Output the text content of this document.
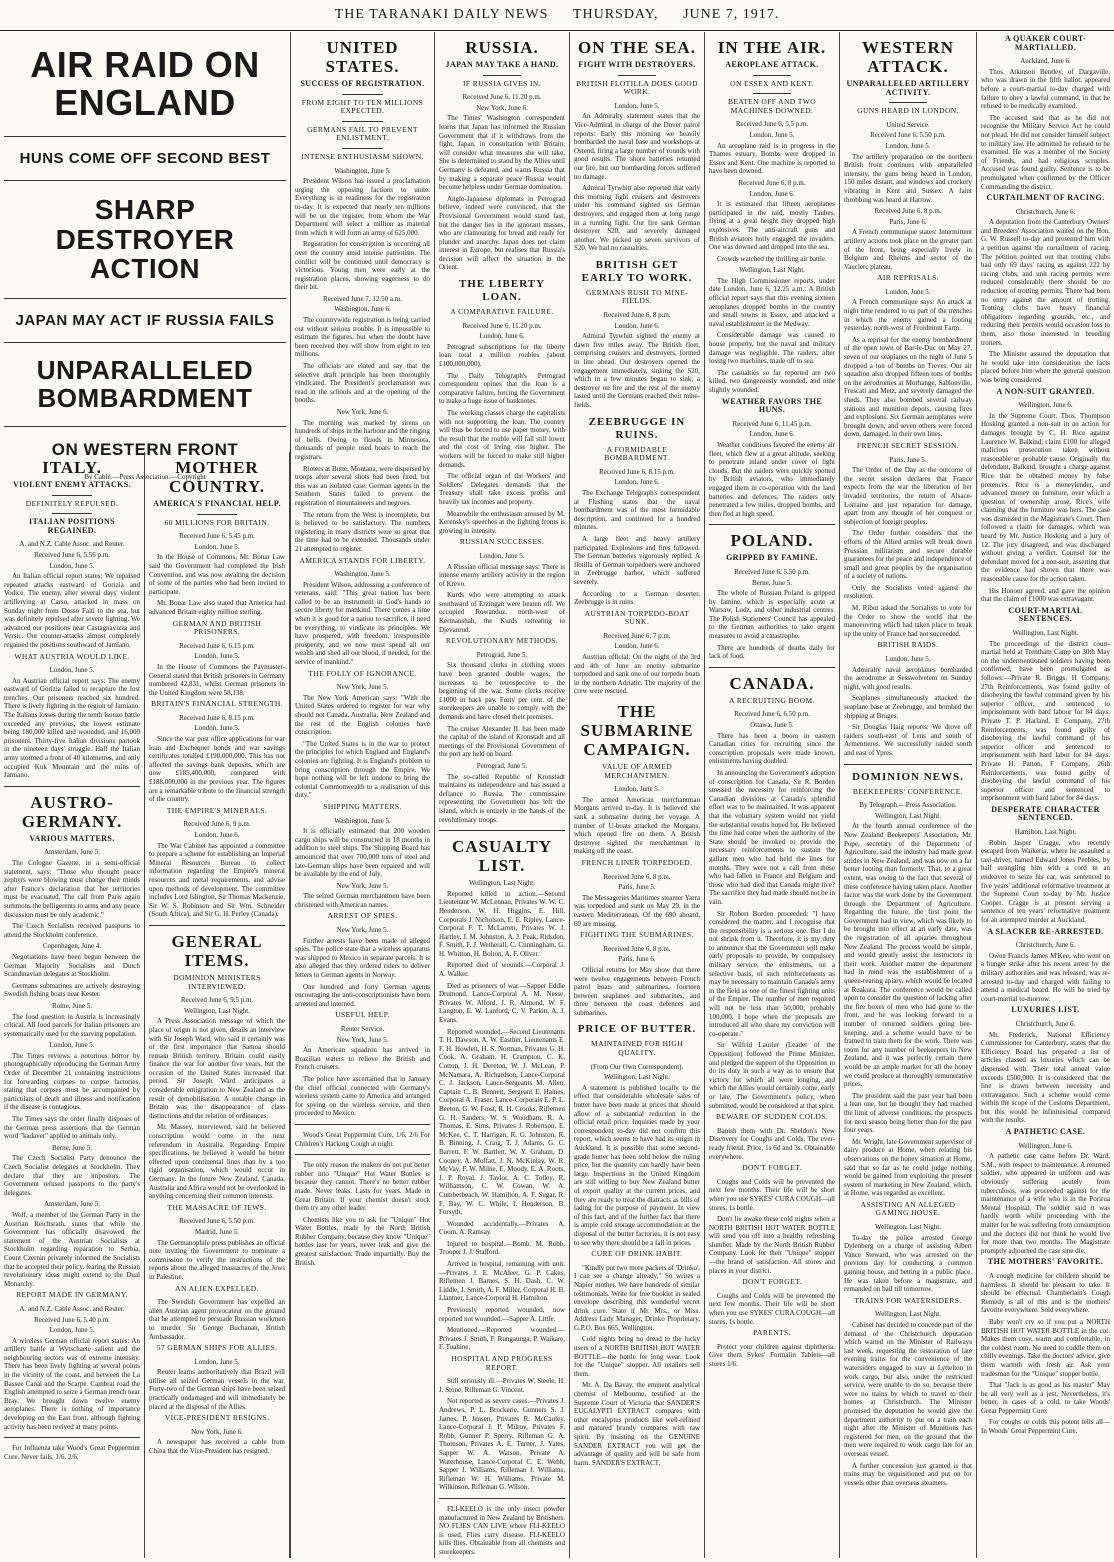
THE TARANAKI DAILY NEWS THURSDAY, JUNE 7, 1917.
AIR RAID ON ENGLAND
HUNS COME OFF SECOND BEST
SHARP DESTROYER ACTION
JAPAN MAY ACT IF RUSSIA FAILS
UNPARALLELED BOMBARDMENT
ON WESTERN FRONT
By Cable.—Press Association.—Copyright
ITALY.
VIOLENT ENEMY ATTACKS.
DEFINITELY REPULSED.
ITALIAN POSITIONS REGAINED.
A. and N.Z. Cable Assoc. and Reuter.
Received June 6, 5.56 p.m.
London, June 5.

An Italian official report states: We repulsed repeated attacks eastward of Gorizia and Vodice. The enemy, after several days' violent artillerying at Carso, attacked in mass on Sunday night from Dosso Faiti to the sea, but was definitely repulsed after severe fighting. We advanced our positions near Castagnavizza and Versic. Our counter-attacks almost completely regained the positions southward of Jamiano.

WHAT AUSTRIA WOULD LIKE.
London, June 5.

An Austrian official report says: The enemy eastward of Gorizia failed to recapture the lost trenches. Our prisoners reached six hundred. There is lively fighting in the region of Jamiano. The Italians losses during the tenth Isonzo battle exceeded any previous, the lowest estimate being 180,000 killed and wounded, and 16,000 prisoners. Thirty-five Italian divisions partook in the nineteen days' struggle. Half the Italian army stormed a front of 40 kilometres, and only occupied Kuk Mountain and the ruins of Jamiano.

AUSTRO-GERMANY.
VARIOUS MATTERS.
Amsterdam, June 5.

The Cologne Gazette, in a semi-official statement, says: "Those who thought peace zephyrs were blowing must change their minds after France's declaration that her territories must be evacuated. The call from Paris again summons the belligerents to arms and any peace discussion must be only academic."

The Czech Socialists received passports to attend the Stockholm conference.

Copenhagen, June 4.

Negotiations have been begun between the German Majority Socialists and Dutch Scandinavian delegates at Stockholm.

Germans submarines are actively destroying Swedish fishing boats near Kester.

Rome, June 5.

The food question in Austria is increasingly critical. All food parcels for Italian prisoners are systematically used for the starving population.

London, June 5.

The Times reviews a notorious horror by photographically reproducing the German Army Order of December 21 containing instructions for forwarding corpses to corpse factories, stating that corpses must be accompanied by particulars of death and illness and notification if the disease is contagious.

The Times says the order finally disposes of the German press assertions that the German word "kadaver" applied to animals only.

Berne, June 5.

The Czech Socialist Party denounce the Czech Socialist delegates at Stockholm. They declare that they are impostors. The Government refused passports to the party's delegates.

Amsterdam, June 5.

Wolf, a member of the German Party in the Austrian Reichsrath, states that while the Government has officially disavowed the statement of the Austrian Socialists at Stockholm regarding reparation to Serbia, Count Czernin privately informed the Socialists that he accepted their policy, fearing the Russian revolutionary ideas might extend to the Dual Monarchy.

REPORT MADE IN GERMANY.
A. and N.Z. Cable Assoc. and Reuter.
Received June 6, 5.40 p.m.
London, June 5.

A wireless German official report states: An artillery battle at Wytschaete salient and the neighbouring sectors was of extreme intensity. There has been lively fighting at several points in the vicinity of the coast, and between the La Bassee Canal and the Scarpe. Cambrai road the English attempted to seize a German trench near Bray. We brought down twelve enemy aeroplanes. There is nothing of importance developing on the East front, although fighting activity has been revived at many points.

For Influenza take Wood's Great Peppermint Cure. Never fails, 1/6, 2/6.

MOTHER COUNTRY.
AMERICA'S FINANCIAL HELP.
60 MILLIONS FOR BRITAIN.
Received June 6, 5.45 p.m.
London, June 5.

In the House of Commons, Mr. Bonar Law said the Government had completed the Irish Convention, and was now awaiting the decision of some of the parties who had been invited to participate.

Mr. Bonar Law also stated that America had advanced Britain eighty million sterling.

GERMAN AND BRITISH PRISONERS.
Received June 6, 6.15 p.m.
London, June 5.

In the House of Commons the Paymaster-General stated that British prisoners in Germany numbered 42,831, whilst German prisoners in the United Kingdom were 58,138.

BRITAIN'S FINANCIAL STRENGTH.
Received June 6, 8.15 p.m.
London, June 5.

Since the war post office applications for war loan and Exchequer bonds and war savings certificates totalled £190,000,000. This has not affected the savings bank deposits, which are now £185,400,000, compared with £188,000,000 in the previous year. The figures are a remarkable tribute to the financial strength of the country.

THE EMPIRE'S MINERALS.
Received June 6, 9 p.m.
London, June 6.

The War Cabinet has appointed a committee to prepare a scheme for establishing an Imperial Mineral Resources Bureau to collect information regarding the Empire's mineral resources and metal requirements, and advise upon methods of development. The committee includes Lord Islington, Sir Thomas Mackenzie, Sir W. S. Robinson and Sir Wm. Schneider (South Africa), and Sir G. H. Perley (Canada).

GENERAL ITEMS.
DOMINION MINISTERS INTERVIEWED.
Received June 6, 9.5 p.m.
Wellington, Last Night.

A Press Association message of which the place of origin is not given, details an interview with Sir Joseph Ward, who said it certainly was of the first importance that Samoa should remain British territory. Britain could easily finance the war for another five years, but the occasion of the United States increased that period. Sir Joseph Ward anticipates a considerable emigration to New Zealand as the result of demobilisation. A notable change in Britain was the disappearance of class distinctions and the relation of ordinances.

Mr. Massey, interviewed, said he believed conscription would come in the next referendum in Australia. Regarding Empire specifications, he believed it would be better effected upon continental lines than by a too rigid organisation, which would occur in Germany. In the future New Zealand, Canada, Australia and Africa would not be overlooked in anything concerning their common interests.

THE MASSACRE OF JEWS.
Received June 6, 5.50 p.m.
Madrid, June 5.

The Germanophile press publishes an official note inviting the Government to nominate a commission to verify the instructions of the reports about the alleged massacres of the Jews in Palestine.

AN ALIEN EXPELLED.

The Swedish Government has expelled an alien Austrian agent provocateur on the ground that he attempted to persuade Russian workmen to murder Sir George Buchanan, British Ambassador.

57 GERMAN SHIPS FOR ALLIES.
London, June 5.

Reuter learns authoritatively that Brazil will utilise all seized German vessels in the war. Forty-two of the German ships have been seized practically undamaged and will immediately be placed at the disposal of the Allies.

VICE-PRESIDENT RESIGNS.
New York, June 6.

A newspaper has received a cable from China that the Vice-President has resigned.

UNITED STATES.
SUCCESS OF REGISTRATION.
FROM EIGHT TO TEN MILLIONS EXPECTED.
GERMANS FAIL TO PREVENT ENLISTMENT.
INTENSE ENTHUSIASM SHOWN.
Washington, June 5.

President Wilson has issued a proclamation urging the opposing factions to unite. Everything is in readiness for the registration to-day. It is expected that nearly ten millions will be on the register, from whom the War Department will select a million as material from which it will form an army of 625,000.

Registration for conscription is occurring all over the country amid intense patriotism. The conflict will be continued until democracy is victorious. Young men were early at the registration places, showing eagerness to do their bit.

Received June 7, 12.50 a.m.
Washington, June 6.

The countrywide registration is being carried out without serious trouble. It is impossible to estimate the figures, but when the doubt have been received they will show from eight to ten millions.

The officials are elated and say that the selective draft principle has been thoroughly vindicated. The President's proclamation was read in the schools and at the opening of the booths.

New York, June 6.

The morning was marked by sirens on hundreds of ships in the harbour and the ringing of bells. Owing to floods in Minnesota, thousands of people used boats to reach the registrars.

Rioters at Butte, Montana, were dispersed by troops after several shots had been fired, but this was an isolated case. German agents in the Southern States failed to prevent the registration of mountaineers and negroes.

The return from the West is incomplete, but is believed to be satisfactory. The numbers registering in many districts were so great that the time had to be extended. Thousands under 21 attempted to register.

AMERICA STANDS FOR LIBERTY.
Washington, June 5.

President Wilson, addressing a conference of veterans, said: "This great nation has been called to be an instrument in God's hands to secure liberty for mankind. There comes a time when it is good for a nation to sacrifice, if need be everything, to vindicate its principles. We have prospered, with freedom, irresponsible prosperity, and we now must spend all our wealth and shed all our blood, if needed, for the service of mankind."

THE FOLLY OF IGNORANCE.
New York, June 5.

The New York American says: "With the United States ordered to register for war why should not Canada, Australia, New Zealand and the rest of the English colonies have conscription.

"The United States is in the war to protect the principles for which England and England's colonies are fighting. It is England's problem to bring conscription through the Empire. We hope nothing will be left undone to bring the colonial Commonwealth to a realisation of this duty."

SHIPPING MATTERS.
Washington, June 5.

It is officially estimated that 200 wooden cargo ships will be constructed in 18 months in addition to steel ships. The Shipping Board has announced that over 700,000 tons of steel and late-German ships have been repaired and will be available by the end of July.

New York, June 5.

The seized German merchantmen have been christened with American names.

ARREST OF SPIES.
New York, June 5.

Further arrests have been made of alleged spies. The police state that a wireless apparatus was shipped to Mexico in separate parcels. It is also alleged that they ordered riders to deliver letters to German agents in Norway.

One hundred and forty German agents encouraging the anti-conscriptionists have been arrested and interned.

USEFUL HELP.
Reuter Service.
New York, June 5.

An American squadron has arrived in Brazilian waters to relieve the British and French cruisers.

The police have ascertained that in January the chief official connected with Germany's wireless system came to America and arranged for spying on the wireless service, and then proceeded to Mexico.

Wood's Great Peppermint Cure, 1/6, 2/6 For Children's Hacking Cough at night.

The only reason the makers do not put better rubber into "Unique" Hot Water Bottles is because they cannot. There's no better rubber made. Never leaks. Lasts for years. Made in Great Britain. If your chemist doesn't stock them try any other leader.

Chemists like you to ask for "Unique" Hot Water Bottles, made by the North British Rubber Company, because they know "Unique" bottles last for years, never leak and give the greatest satisfaction. Trade impartially. Buy the British.

RUSSIA.
JAPAN MAY TAKE A HAND.
IF RUSSIA GIVES IN.
Received June 6, 11.20 p.m.
New York, June 6.

The Times' Washington correspondent learns that Japan has informed the Russian Government that if it withdraws from the fight, Japan, in consultation with Britain, will consider what measures she will take. She is determined to stand by the Allies until Germany is defeated, and warns Russia that by making a separate peace Russia would become helpless under German domination.

Anglo-Japanese diplomats in Petrograd believe, indeed were convinced, that the Provisional Government would stand fast, but the danger lies in the ignorant masses, who are clamouring for bread and ready for plunder and anarchy. Japan does not claim interest in Europe, but realises that Russia's decision will affect the situation in the Orient.

THE LIBERTY LOAN.
A COMPARATIVE FAILURE.
Received June 6, 11.20 p.m.
London, June 6.

Petrograd subscriptions for the liberty loan total a million roubles (about £100,000,000).

The Daily Telegraph's Petrograd correspondent opines that the loan is a comparative failure, forcing the Government to make a huge issue of banknotes.

The working classes charge the capitalists with not supporting the loan. The country will thus be forced to use paper money, with the result that the rouble will fall still lower and the cost of living rise higher. The workers will be forced to make still higher demands.

The official organ of the Workers' and Soldiers' Delegates demands that the Treasury shall take excess profits and heavily tax incomes and property.

Meanwhile the enthusiasm aroused by M. Kerensky's speeches at the fighting fronts is growing in intensity.

RUSSIAN SUCCESSES.
London, June 5.

A Russian official message says: There is intense enemy artillery activity in the region of Krevo.

Kurds who were attempting to attack southward of Erzingan were beaten off. We occupied Rowanduz, north-west of Kermanshah, the Kurds retreating to Djevanrud.

REVOLUTIONARY METHODS.
Petrograd, June 5.

Six thousand clerks in clothing stores have been granted double wages, the increases to be retrospective to the beginning of the war. Some clerks receive £1000 in back pay. Forty per cent. of the storekeepers are unable to comply with the demands and have closed their premises.

The cruiser Alexander II. has been made the capital of the island of Kronstadt and all meetings of the Provisional Government of the port are held on board.

Petrograd, June 5.

The so-called Republic of Kronstadt maintains its independence and has issued a defiance to Russia. The commissaire representing the Government has left the island, which is entirely in the hands of the revolutionary troops.

CASUALTY LIST.
Wellington, Last Night.

Reported killed in action.—Second Lieutenant W. McLennan, Privates W. W. C. Henderson, W. H. Higgins, E. Hill, Corporals J. Nicholson, E. E. Ripley, Lance-Corporal F. T. McLarren, Privates W. J. Hartley, J. M. Johnston, A. J. Peak, Ridsdon, F. Smith, F. J. Wetherall, C. Cunningham, G. H. Whitton, H. Bolton, A. F. Oliver.

Reported died of wounds.—Corporal J. A. Walker.

Died as prisoners of war.—Sapper Eddie Drumond, Lance-Corporal A. M. Nesse, Privates W. Alford, J. R. Almond, W. F. Langton, E. W. Lanford, C. V. Parkin, A. J. Evans.

Reported wounded.—Second Lieutenants T. H. Dawson, A. W. Easther, Lieutenants E. F. H. Howlett, H. S. Norman, Privates G. H. Cook, A. Graham, H. Crampton, C. K. Cotton, J. H. Dereton, W. J. McLean, P. McNamara, A. Richardson, Lance-Corporal C. J. Jackson, Lance-Sergeants M. Allen, Captain C. B. Bennett, Sergeant E. Haines, Corporal A. Fraser, Lance-Corporals E. P. L. Beeton, G. W. Frost, R. H. Crooks, Riflemen G. H. Sanders, W. S. Woodham, R. A. Thomas, E. Sims, Privates J. Robertson, E. McKee, C. T. Harrigan, R. G. Johnston, R. B. Binning, J. Craig, T. J. Adams, G. C. Barrett, F. W. Bartlett, W. Y. Graham, D. Cooney, A. Moffatt, J. N. McKinlay, W. R. McVay, F. W. Milne, E. Moody, E. A. Roots, J. P. Royal, J. Taylor, A. C. Tolley, R. Williamson, C. W. Cowan, W. A. Cumberbeach, W. Hamilton, A. F. Sugar, R. F. Bay, W. C. While, I. Henderson, B. Forsyth.

Wounded accidentally.—Privates A. Coom, A. Ramsay.

Injured to hospital.—Bomb. M. Robb, Trooper J. J. Stafford.

Arrived in hospital, remaining with unit.—Privates J. E. McAleer, G. P. Cakes, Riflemen J. Barnes, S. H. Dash, C. W. Liddle, J. Smith, A. F. Miller, Corporal H. B. Llanmer, Lance-Corporal H. Hamilton.

Previously reported wounded, now reported not wounded.—Sapper A. Little.

Mentioned.—Reported wounded.—Privates J. Smith, F. Rungaunga, P. Waikare, F. Tuahine.

HOSPITAL AND PROGRESS REPORT.

Still seriously ill.—Privates W. Steele, H. J. Stone, Rifleman G. Vincent.

Not reported as severe cases.—Privates J. Andrews, P. L. Brockerie, Gunners S. J. James, P. Jensen, Privates R. McCauley, Lance-Corporal J. P. Milroy, Privates F. Robb, Gunner P. Sperry, Rifleman G. A. Thomson, Privates A. E. Turner, J. Yates, Sapper W. A. Watson, Private A. Waterhouse, Lance-Corporal C. E. Webb, Sapper J. Williams, Rifleman J. Williams, Rifleman W. H. Williams, Private M. Wilkinson, Rifleman G. Wilson.

FLI-KEELO is the only insect powder manufactured in New Zealand by Britishers. NO FLIES CAN LIVE where FLI-KEELO is used. Flies carry disease. FLI-KEELO kills flies. Obtainable from all chemists and storekeepers.

ON THE SEA.
FIGHT WITH DESTROYERS.
BRITISH FLOTILLA DOES GOOD WORK.
London, June 5.

An Admiralty statement states that the Vice-Admiral in charge of the Dover patrol reports: Early this morning we heavily bombarded the naval base and workshops at Ostend, firing a large number of rounds with good results. The shore batteries returned our fire, but our bombarding forces suffered no damage.

Admiral Tyrwhitt also reported that early this morning light cruisers and destroyers under his command sighted six German destroyers, and engaged them at long range in a running fight. Our fire sank German destroyer S20, and severely damaged another. We picked up seven survivors of S20. We had no casualties.

BRITISH GET EARLY TO WORK.
GERMANS RUSH TO MINE-FIELDS.
Received June 6, 8 p.m.
London, June 6.

Admiral Tyrwhitt sighted the enemy at dawn five miles away. The British fleet, comprising cruisers and destroyers, formed in line ahead. Our destroyers opened the engagement immediately, sinking the S20, which in a few minutes began to sink; a destroyer on fire and the rest of the enemy lasted until the Germans reached their mine-fields.

ZEEBRUGGE IN RUINS.
A FORMIDABLE BOMBARDMENT.
Received June 6, 8.15 p.m.
London, June 6.

The Exchange Telegraph's correspondent at Flushing states that the naval bombardment was of the most formidable description, and continued for a hundred minutes.

A large fleet and heavy artillery participated. Explosions and fires followed. The German batteries vigorously replied. A flotilla of German torpedoers were anchored in Zeebrugge harbor, which suffered severely.

According to a German deserter, Zeebrugge is in ruins.

AUSTRIAN TORPEDO-BOAT SUNK.
Received June 6, 7 p.m.
London, June 6.

Austrian official: On the night of the 3rd and 4th of June an enemy submarine torpedoed and sank one of our torpedo boats in the northern Adriatic. The majority of the crew were rescued.

THE SUBMARINE CAMPAIGN.
VALUE OF ARMED MERCHANTMEN.
London, June 5.

The armed American merchantman Morgans arrived to-day. It is believed she sank a submarine during her voyage. A number of U-boats attacked the Morgans, which opened fire on them. A British destroyer sighted the merchantman in making off the coast.

FRENCH LINER TORPEDOED.
Received June 6, 8 p.m.
Paris, June 5.

The Messageries Maritimes steamer Yarra was torpedoed and sunk on May 29, in the eastern Mediterranean. Of the 690 aboard, 60 are missing.

FIGHTING THE SUBMARINES.
Received June 6, 8 p.m.
Paris, June 6.

Official returns for May show that there were twelve engagements between French patrol boats and submarines, fourteen between seaplanes and submarines, and three between the coast defences and submarines.

PRICE OF BUTTER.
MAINTAINED FOR HIGH QUALITY.
(From Our Own Correspondent).
Wellington, Last Night.

A statement is published locally to the effect that considerable wholesale sales of butter have been made at prices that should allow of a substantial reduction in the official retail price. Inquiries made by your correspondent to-day did not confirm this report, which seems to have had its origin in Auckland. It is possible that some second-grade butter has been sold below the ruling price, but the quantity can hardly have been large. Inspections in the United Kingdom are still willing to buy New Zealand butter of export quality at the current prices, and they are ready to treat the diatracts as bills of lading for the purpose of payment. In view of this fact, and of the further fact that there is ample cold storage accommodation at the disposal of the butter factories, it is not easy to see why there should be a fall in prices.

CURE OF DRINK HABIT.

"Kindly put two more packets of 'Drinko'. I can see a change already," So writes a Napier mother. We have hundreds of similar testimonials. Write for free booklet in sealed envelope describing this wonderful secret drink cure. State if Mr. Mrs., or Miss. Address Lady Manager, Drinko Proprietary, G.P.O. Box 665, Wellington.

Cold nights bring no dread to the lucky users of a NORTH BRITISH HOT WATER BOTTLE—the bottle for long wear. Look for the "Unique" stopper. All retailers sell them.

Mr. A. Da Bavay, the eminent analytical chemist of Melbourne, testified at the Supreme Court of Victoria that SANDER'S EUCALYPTI EXTRACT compares with other eucalyptus products like well-refined and matured brandy compares with raw spirit. By insisting on the GENUINE SANDER EXTRACT you will get the advantage of quality and will be safe from harm. SANDER'S EXTRACT.

IN THE AIR.
AEROPLANE ATTACK.
ON ESSEX AND KENT.
BEATEN OFF AND TWO MACHINES DOWNED.
Received June 6, 5.5 p.m.
London, June 5.

An aeroplane raid is in progress in the Thames estuary. Bombs were dropped in Essex and Kent. One machine is reported to have been downed.

Received June 6, 8 p.m.
London, June 6.

It is estimated that fifteen aeroplanes participated in the raid, mostly Taubes, flying at a great height they dropped high explosives. The anti-aircraft guns and British aviators hotly engaged the invaders. One was downed and dropped into the sea.

Crowds watched the thrilling air battle.

Wellington, Last Night.

The High Commissioner reports, under date London, June 6, 12.25 a.m.: A British official report says that this evening sixteen aeroplanes dropped bombs in the country and small towns in Essex, and attacked a naval establishment in the Medway.

Considerable damage was caused to house property, but the naval and military damage was negligible. The raiders, after losing two machines, made off to sea.

The casualties so far reported are two killed, two dangerously wounded, and nine slightly wounded.

WEATHER FAVORS THE HUNS.
Received June 6, 11.45 p.m.
London, June 6.

Weather conditions favored the enemy air fleet, which flew at a great altitude, seeking to penetrate inland under cover of light clouds. But the raiders were quickly spotted by British aviators, who immediately engaged them in co-operation with the land batteries and defences. The raiders only penetrated a few miles, dropped bombs, and then fled at high speed.

POLAND.
GRIPPED BY FAMINE.
Received June 6, 5.50 p.m.
Berne, June 5.

The whole of Russian Poland is gripped by famine, which is especially acute at Warsaw, Lodz, and other industrial centres. The Polish Stationers' Council has appealed to the German authorities to take urgent measures to avoid a catastrophe.

There are hundreds of deaths daily for lack of food.

CANADA.
A RECRUITING BOOM.
Received June 6, 6.50 p.m.
Ottawa, June 5.

There has been a boom in eastern Canadian cities for recruiting since the conscription proposals were made known, enlistments having doubled.

In announcing the Government's adoption of conscription for Canada, Sir R. Borden stressed the necessity for reinforcing the Canadian divisions at Canada's splendid effort was to be maintained. It was apparent that the voluntary system would not yield the substantial results hoped for. He believed the time had come when the authority of the State should be invoked to provide the necessary reinforcements to sustain the gallant men who had held the lines for months. They were not a call from those who had fallen in France and Belgium and those who had died that Canada might live? The sacrifice they had made should not be in vain.

Sir Robert Borden proceeded: "I have considered the matter, and I recognise that the responsibility is a serious one. But I do not shrink from it. Therefore, it is my duty to announce that the Government will make early proposals to provide, by compulsory military service, the enlistments, on a selective basis, of such reinforcements as may be necessary to maintain Canada's army in the field as one of the finest fighting units of the Empire. The number of men required will not be less than 50,000; probably 100,000. I hope when the proposals are introduced all who share my conviction will co-operate."

Sir Wilfrid Laurier (Leader of the Opposition) followed the Prime Minister, and pledged the support of the Opposition to do its duty in such a way as to ensure that victory for which all were longing, and which the Allies would certainly come, early or late. The Government's policy, when submitted, would be considered at that spirit.

BEWARE OF SUDDEN COLDS.

Banish them with Dr. Sheldon's New Discovery for Coughs and Colds. The ever-ready friend. Price, 1s 6d and 3s. Obtainable everywhere.

DON'T FORGET.

Coughs and Colds will be prevented the next few months. Their life will be short when you use SYKES' CURA COUGH—all stores, 1s bottle.

Don't lie awake these cold nights when a NORTH BRITISH HOT WATER BOTTLE will send you off into a healthy refreshing slumber. Made by the North British Rubber Company. Look for their "Unique" stopper—the brand of satisfaction. All stores and places in your district.

DON'T FORGET.

Coughs and Colds will be prevented the next few months. Their life will be short when you use SYKES' CURA COUGH—all stores, 1s bottle.

PARENTS.

Protect your children against diphtheria. Give them Sykes' Formalin Tablets—all stores 1/6.

WESTERN ATTACK.
UNPARALLELED ARTILLERY ACTIVITY.
GUNS HEARD IN LONDON.
United Service.
Received June 6, 5.50 p.m.
London, June 5.

The artillery preparation on the northern British front continues with unparalleled intensity, the guns being heard in London, 150 miles distant, and windows and crockery vibrating in Kent and Sussex. A faint throbbing was heard at Harrow.

Received June 6, 8 p.m.
Paris, June 6.

A French communique states: Intermittent artillery actions took place on the greater part of the front, being especially lively in Belgium and Rheims and sector of the Vauclerc plateau.

AIR REPRISALS.
London, June 5.

A French communique says: An attack at night time rendered to us part of the trenches in which the enemy gained a footing yesterday, north-west of Froidmont Farm.

As a reprisal for the enemy bombardment of the open town of Bar-le-Duc on May 27, seven of our seaplanes on the night of June 5 dropped a ton of bombs on Treves. Our air squadron also dropped fifteen tons of bombs on the aerodromes at Morhange, Sablonville, Frescati and Metz, and severely damaged the sheds. They also bombed several railway stations and munition depots, causing fires and explosions. Six German aeroplanes were brought down, and seven others were forced down, damaged, in their own lines.

FRENCH SECRET SESSION.
Paris, June 5.

The Order of the Day as the outcome of the secret session declares that France expects from the war the liberation of her invaded territories, the return of Alsace-Lorraine and just reparation for damage, apart from any thought of her conquest or subjection of foreign peoples.

The Order further considers that the efforts of the Allied armies will break down Prussian militarism and secure durable guarantees for the peace and independence of small and great peoples by the organisation of a society of nations.

Only the Socialists voted against the resolution.

M. Ribot asked the Socialists to vote for the Order to show the world that the manoeuvring which had taken place to break up the unity of France had not succeeded.

BRITISH RAIDS.
London, June 5.

Admiralty naval aeroplanes bombarded the aerodrome at Sesswelvetem on Sunday night, with good results.

Seaplanes simultaneously attacked the seaplane base at Zeebrugge, and bombed the shipping at Bruges.

Sir Douglas Haig reports: We drove off raiders south-east of Lens and south of Armentieres. We successfully raided south and east of Ypres.

DOMINION NEWS.
BEEKEEPERS' CONFERENCE.
By Telegraph.—Press Association.
Wellington, Last Night.

At the fourth annual conference of the New Zealand Beekeepers' Association, Mr. Pope, secretary of the Department of Agriculture, said the industry had made great strides in New Zealand, and was now on a far better footing than formerly. That, to a great extent, was owing to the fact that several of these conference having taken place. Another factor was the work done by the Government through the Department of Agriculture. Regarding the future, the first point the Government had in view, which was likely to be brought into effect at an early date, was the registration of all apiaries throughout New Zealand. The process would be simple, and would greatly assist the instructors in their work. Another matter the department had in mind was the establishment of a queen-rearing apiary, which would be located at Ruakura. The conference would be called upon to consider the question of lacking after the fire boxes of men who had gone to the front, and he was looking forward to a number of returned soldiers going bee-keeping, and a scheme would have to be framed to train them for the work. There was room for any number of beekeepers in New Zealand, and it was perfectly certain there would be an ample market for all the honey we could produce at thoroughly remunerative prices.

The president said the past year had been a lean one, but he thought they had reached the limit of adverse conditions, the prospects for next season being better than for the past four years.

Mr. Wright, late Government supervisor of dairy produce at Home, when relating his observations on the honey situation at Home, said that so far as he could judge nothing would be gained from exploiting the present system of marketing in New Zealand, which, at Home, was regarded as excellent.

ASSISTING AN ALLEGED GAMING HOUSE.
Wellington, Last Night.

To-day the police arrested George Dylenberg on a charge of assisting Albert Vance Steward, who was arrested on the previous day for conducting a common gaming house, and betting in a public place. He was taken before a magistrate, and remanded on bail till tomorrow.

TRAINS FOR WATERSIDERS.
Wellington, Last Night.

Cabinet has decided to concede part of the demand of the Christchurch deputation which waited on the Minister of Railways last week, requesting the restoration of late evening trains for the convenience of the watersiders engaged to stay at Lyttelton to work cargo, but also, under the restricted service, were unable to do so, because there were no trains by which to travel to their homes at Christchurch. The Minister promised the deputation he would give the department authority to put on a train each night after the Minister of Munitions has registered for men, on the ground that the men were required to work cargo late for an overseas vessel.

A further concession just granted is that trains may be requisitioned and put on for vessels other than overseas steamers.

A QUAKER COURT-MARTIALLED.
Auckland, June 6.

Thos. Atkinson Bentley, of Dargaville, who was drawn in the fifth ballot, appeared before a court-martial to-day charged with failure to obey a lawful command, in that he refused to be medically examined.

The accused said that as he did not recognise the Military Service Act he could not plead. He did not consider himself subject to military law. He admitted he refused to be examined. He was a member of the Society of Friends, and had religious scruples. Accused was found guilty. Sentence is to be promulgated when confirmed by the Officer Commanding the district.

CURTAILMENT OF RACING.
Christchurch, June 6.

A deputation from the Canterbury Owners' and Breeders' Association waited on the Hon. G. W. Russell to-day and presented him with a petition against the curtailment of racing. The petition pointed out that trotting clubs had only 69 days' racing as against 222 by racing clubs, and unit racing permits were reduced considerably there should be no reduction of trotting permits. There had been no entry against the amount of trotting. Trotting clubs have heavy financial obligations regarding grounds, etc., and reducing their permits would occasion loss to them, also those interested in breeding trotters.

The Minister assured the deputation that he would take into consideration the facts placed before him when the general question was being considered.

A NON-SUIT GRANTED.
Wellington, June 6.

In the Supreme Court, Thos. Thompson Hosking granted a non-suit in an action for damages brought by C. H. Rice against Laurence W. Balkind, claim £100 for alleged malicious prosecution taken without reasonable or probable cause. Originally the defendant, Balkind, brought a charge against Rice that he obtained money by false pretences. Rice is a moneylender, and advanced money on furniture, over which a question of ownership arose. Rice's wife claiming that the furniture was hers. The case was dismissed in the Magistrate's Court. Then followed a claim for damages, which was heard by Mr. Justice Hosking and a jury of 12. The jury disagreed, and was discharged without giving a verdict. Counsel for the defendant moved for a non-suit, asserting that the evidence had shown that there was reasonable cause for the action taken.

His Honour agreed, and gave the opinion that the claim of £1000 was extravagant.

COURT-MARTIAL SENTENCES.
Wellington, Last Night.

The proceedings of the district court-martial held at Trentham Camp on 30th May on the undermentioned soldiers having been confirmed, have been promulgated as follows:—Private R. Briggs, H Company, 27th Reinforcements, was found guilty of disobeying the lawful command given by his superior officer, and sentenced to imprisonment with hard labour for 84 days. Private T. P. Harland, E Company, 27th Reinforcements, was found guilty of disobeying the lawful command of his superior officer and sentenced to imprisonment with hard labor for 84 days. Private H. Patton, F Company, 26th Reinforcements, was found guilty of disobeying the lawful command of his superior officer and sentenced to imprisonment with hard labor for 84 days.

DESPERATE CHARACTER SENTENCED.
Hamilton, Last Night.

Robin Jasper Cragge, who recently escaped from Waikeria, where he assaulted a taxi-driver, named Edward Jones Peebles, by half strangling him with a cord in an endeavor to seize his car, was sentenced to five years' additional reformative treatment at the Supreme Court to-day by Mr. Justice Cooper. Cragge is at present serving a sentence of ten years' reformative treatment for an attempted murder at Auckland.

A SLACKER RE-ARRESTED.
Christchurch, June 6.

Owen Francis James M'Kee, who went on a hunger strike after his recent arrest by the military authorities and was released, was re-arrested to-day and charged with failing to attend a medical board. He will be tried by court-martial to-morrow.

LUXURIES LIST.
Christchurch, June 6.

Mr. Frederick, National Efficiency Commissioner for Canterbury, states that the Efficiency Board has prepared a list of articles classed as luxuries which can be dispensed with. Their total annual value exceeds £500,000. It is considered that the line is drawn between necessity and extravagance. Such a scheme would come within the scope of the Customs Department, but this would be infinitesimal compared with the results.

A PATHETIC CASE.
Wellington, June 6.

A pathetic case came before Dr. Ward, S.M., with respect to maintenance. A returned soldier, who appeared in uniform and was obviously suffering acutely from tuberculosis, was proceeded against for the maintenance of a wife who is in the Porirua Mental Hospital. The soldier said it was hardly worth while proceeding with the matter for he was suffering from consumption and the doctors did not think he would live for more than two months. The Magistrate promptly adjourned the case sine die.

THE MOTHERS' FAVORITE.

A cough medicine for children should be harmless. It should be pleasant to take. It should be effectual. Chamberlain's Cough Remedy is all of this and is the mothers' favorite everywhere. Sold everywhere.

Baby won't cry so if you put a NORTH BRITISH HOT WATER BOTTLE in the cot. Makes them cosy, warm and comfortable, in the coldest room. No need to coddle them on chilly evenings. Take the doctors' advice, give them warmth with fresh air. Ask your tradesman for the "Unique" stopper bottle.

That "Jack is as good as his master" May be all very well as a jest, Nevertheless, it's better, in cases of a cold, to take Woods' Great Peppermint Cure.

For coughs or colds this potent tells all— In Woods' Great Peppermint Cure.
